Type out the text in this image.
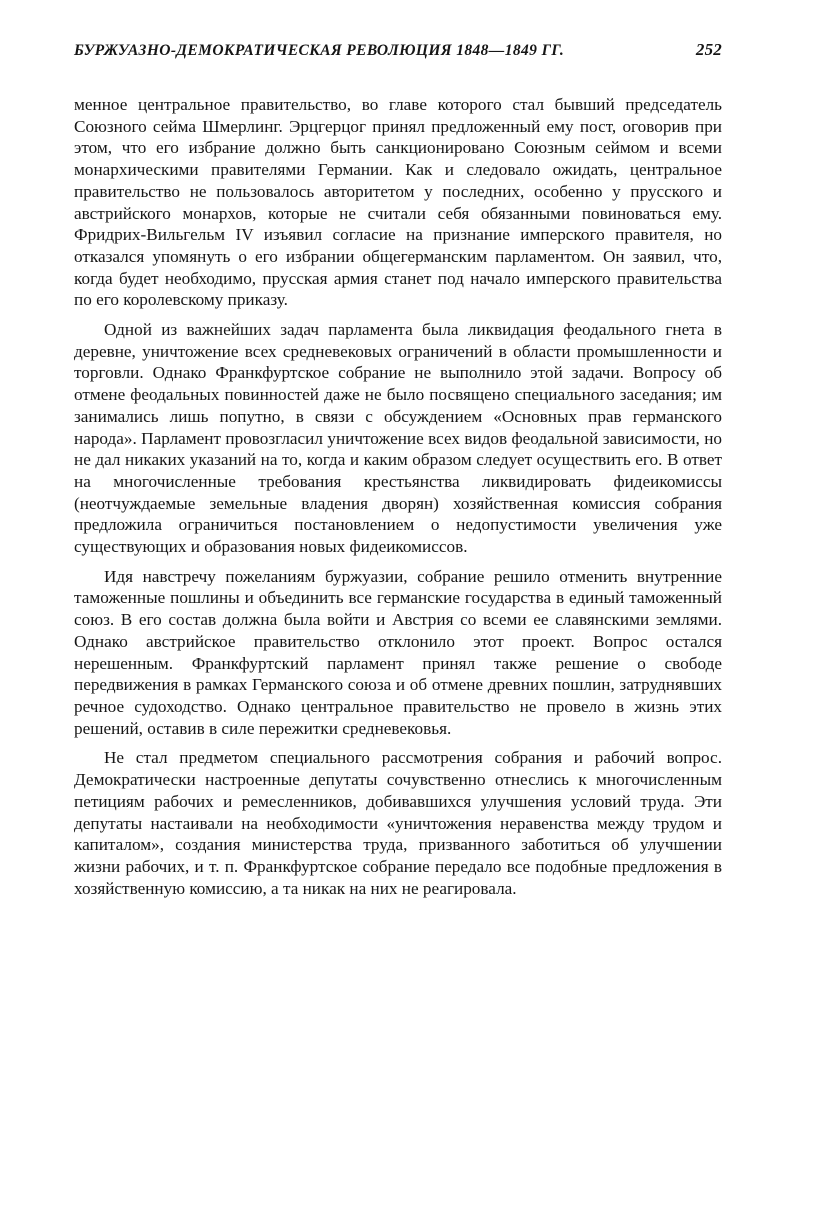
БУРЖУАЗНО-ДЕМОКРАТИЧЕСКАЯ РЕВОЛЮЦИЯ 1848—1849 ГГ.	252

менное центральное правительство, во главе которого стал бывший председатель Союзного сейма Шмерлинг. Эрцгерцог принял предложенный ему пост, оговорив при этом, что его избрание должно быть санкционировано Союзным сеймом и всеми монархическими правителями Германии. Как и следовало ожидать, центральное правительство не пользовалось авторитетом у последних, особенно у прусского и австрийского монархов, которые не считали себя обязанными повиноваться ему. Фридрих-Вильгельм IV изъявил согласие на признание имперского правителя, но отказался упомянуть о его избрании общегерманским парламентом. Он заявил, что, когда будет необходимо, прусская армия станет под начало имперского правительства по его королевскому приказу.

Одной из важнейших задач парламента была ликвидация феодального гнета в деревне, уничтожение всех средневековых ограничений в области промышленности и торговли. Однако Франкфуртское собрание не выполнило этой задачи. Вопросу об отмене феодальных повинностей даже не было посвящено специального заседания; им занимались лишь попутно, в связи с обсуждением «Основных прав германского народа». Парламент провозгласил уничтожение всех видов феодальной зависимости, но не дал никаких указаний на то, когда и каким образом следует осуществить его. В ответ на многочисленные требования крестьянства ликвидировать фидеикомиссы (неотчуждаемые земельные владения дворян) хозяйственная комиссия собрания предложила ограничиться постановлением о недопустимости увеличения уже существующих и образования новых фидеикомиссов.

Идя навстречу пожеланиям буржуазии, собрание решило отменить внутренние таможенные пошлины и объединить все германские государства в единый таможенный союз. В его состав должна была войти и Австрия со всеми ее славянскими землями. Однако австрийское правительство отклонило этот проект. Вопрос остался нерешенным. Франкфуртский парламент принял также решение о свободе передвижения в рамках Германского союза и об отмене древних пошлин, затруднявших речное судоходство. Однако центральное правительство не провело в жизнь этих решений, оставив в силе пережитки средневековья.

Не стал предметом специального рассмотрения собрания и рабочий вопрос. Демократически настроенные депутаты сочувственно отнеслись к многочисленным петициям рабочих и ремесленников, добивавшихся улучшения условий труда. Эти депутаты настаивали на необходимости «уничтожения неравенства между трудом и капиталом», создания министерства труда, призванного заботиться об улучшении жизни рабочих, и т. п. Франкфуртское собрание передало все подобные предложения в хозяйственную комиссию, а та никак на них не реагировала.
